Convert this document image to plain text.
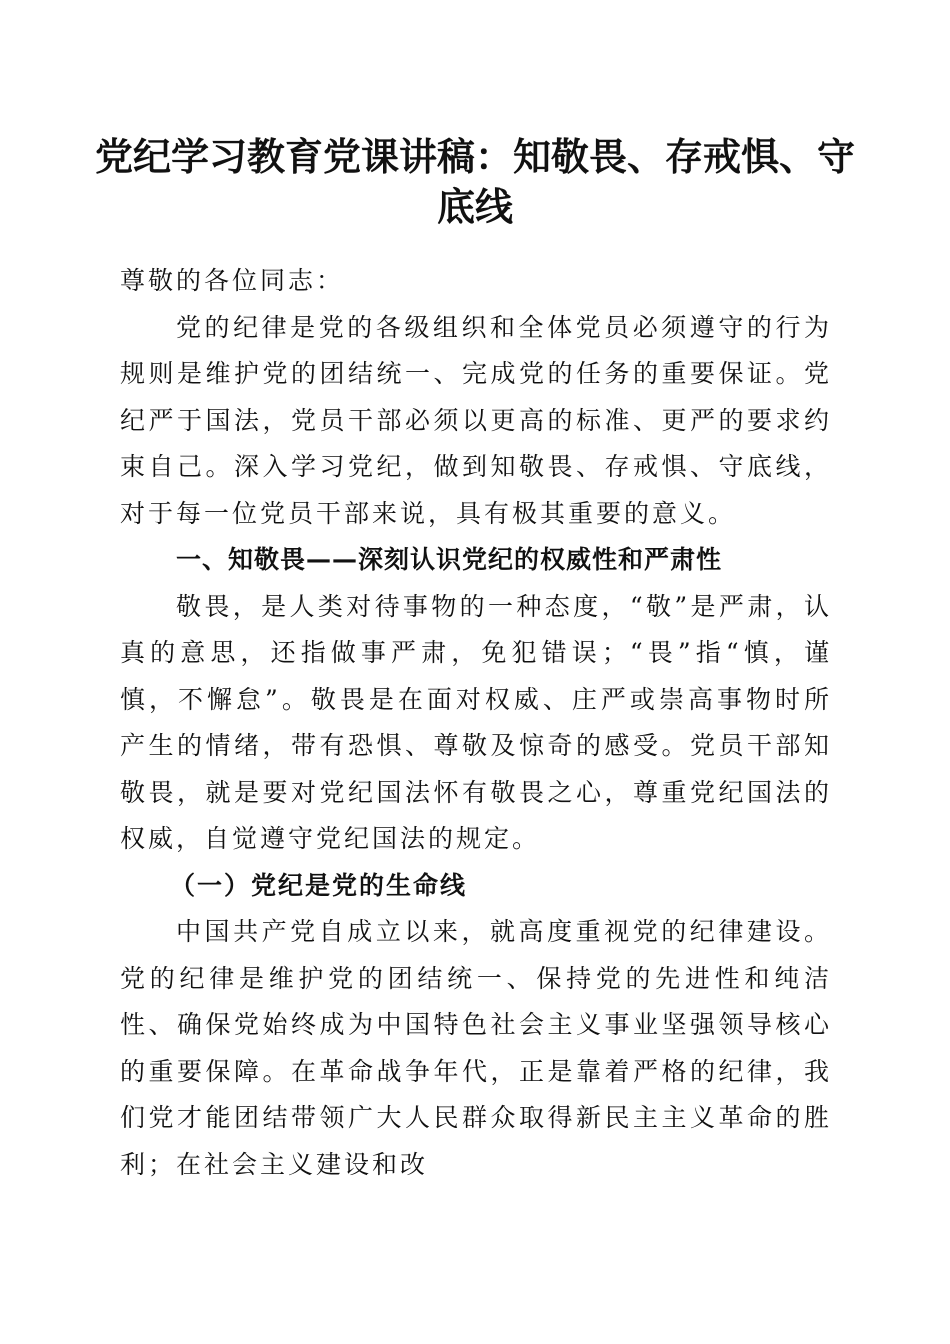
党纪学习教育党课讲稿：知敬畏、存戒惧、守底线

尊敬的各位同志：

党的纪律是党的各级组织和全体党员必须遵守的行为规则是维护党的团结统一、完成党的任务的重要保证。党纪严于国法，党员干部必须以更高的标准、更严的要求约束自己。深入学习党纪，做到知敬畏、存戒惧、守底线，对于每一位党员干部来说，具有极其重要的意义。

一、知敬畏——深刻认识党纪的权威性和严肃性

敬畏，是人类对待事物的一种态度，“敬”是严肃，认真的意思，还指做事严肃，免犯错误；“畏”指“慎，谨慎，不懈怠”。敬畏是在面对权威、庄严或崇高事物时所产生的情绪，带有恐惧、尊敬及惊奇的感受。党员干部知敬畏，就是要对党纪国法怀有敬畏之心，尊重党纪国法的权威，自觉遵守党纪国法的规定。

（一）党纪是党的生命线

中国共产党自成立以来，就高度重视党的纪律建设。党的纪律是维护党的团结统一、保持党的先进性和纯洁性、确保党始终成为中国特色社会主义事业坚强领导核心的重要保障。在革命战争年代，正是靠着严格的纪律，我们党才能团结带领广大人民群众取得新民主主义革命的胜利；在社会主义建设和改
